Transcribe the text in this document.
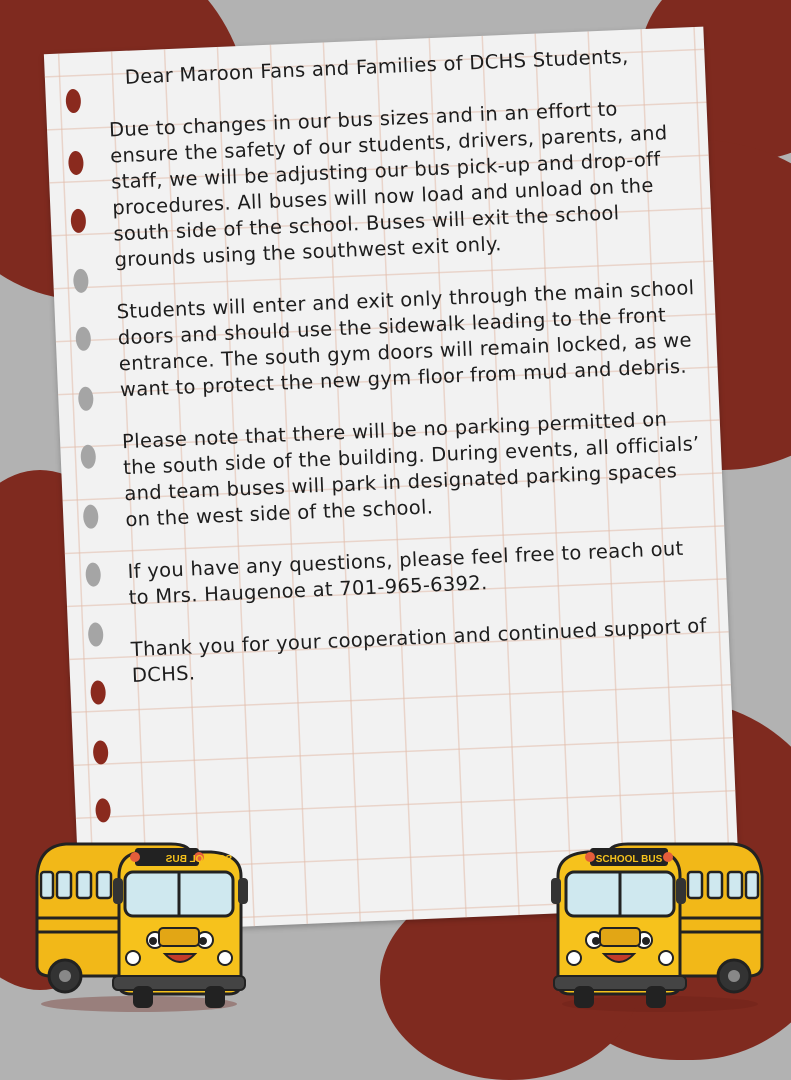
Dear Maroon Fans and Families of DCHS Students,

Due to changes in our bus sizes and in an effort to ensure the safety of our students, drivers, parents, and staff, we will be adjusting our bus pick-up and drop-off procedures. All buses will now load and unload on the south side of the school. Buses will exit the school grounds using the southwest exit only.

Students will enter and exit only through the main school doors and should use the sidewalk leading to the front entrance. The south gym doors will remain locked, as we want to protect the new gym floor from mud and debris.

Please note that there will be no parking permitted on the south side of the building. During events, all officials’ and team buses will park in designated parking spaces on the west side of the school.

If you have any questions, please feel free to reach out to Mrs. Haugenoe at 701-965-6392.

Thank you for your cooperation and continued support of DCHS.

SCHOOL BUS	SCHOOL BUS
